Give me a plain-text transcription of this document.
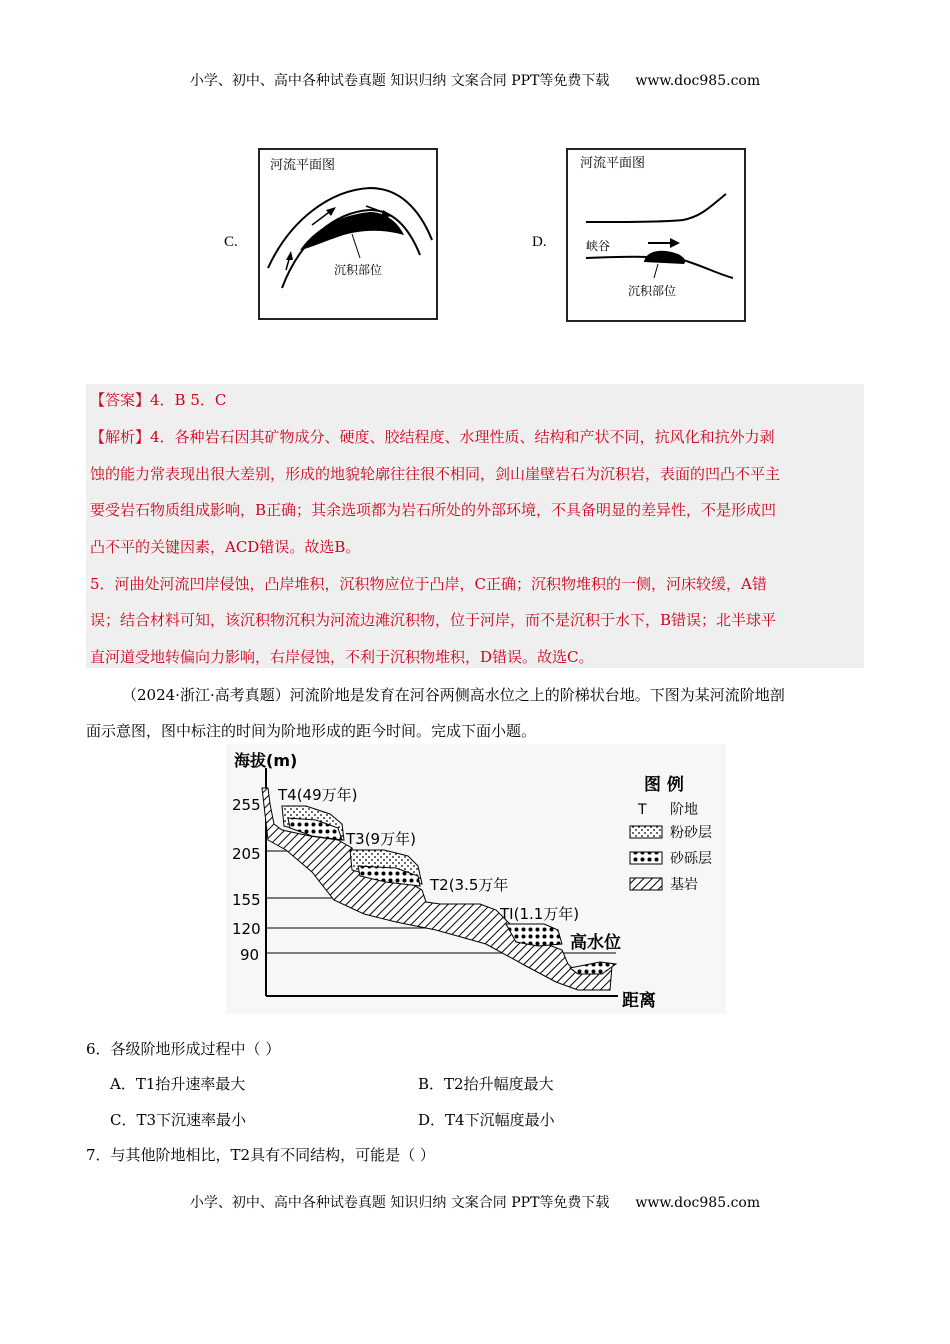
小学、初中、高中各种试卷真题 知识归纳 文案合同 PPT等免费下载 www.doc985.com
C.
河流平面图
沉积部位
D.
河流平面图
峡谷
沉积部位
【答案】4．B 5．C
【解析】4．各种岩石因其矿物成分、硬度、胶结程度、水理性质、结构和产状不同，抗风化和抗外力剥
蚀的能力常表现出很大差别，形成的地貌轮廓往往很不相同，剑山崖壁岩石为沉积岩，表面的凹凸不平主
要受岩石物质组成影响，B正确；其余选项都为岩石所处的外部环境，不具备明显的差异性，不是形成凹
凸不平的关键因素，ACD错误。故选B。
5．河曲处河流凹岸侵蚀，凸岸堆积，沉积物应位于凸岸，C正确；沉积物堆积的一侧，河床较缓，A错
误；结合材料可知，该沉积物沉积为河流边滩沉积物，位于河岸，而不是沉积于水下，B错误；北半球平
直河道受地转偏向力影响，右岸侵蚀，不利于沉积物堆积，D错误。故选C。
（2024·浙江·高考真题）河流阶地是发育在河谷两侧高水位之上的阶梯状台地。下图为某河流阶地剖
面示意图，图中标注的时间为阶地形成的距今时间。完成下面小题。
海拔(m)
距离
255
205
155
120
90
T4(49万年)
T3(9万年)
T2(3.5万年
TI(1.1万年)
高水位
图 例
T 阶地
粉砂层
砂砾层
基岩
6．各级阶地形成过程中（ ）
A．T1抬升速率最大	B．T2抬升幅度最大
C．T3下沉速率最小	D．T4下沉幅度最小
7．与其他阶地相比，T2具有不同结构，可能是（ ）
小学、初中、高中各种试卷真题 知识归纳 文案合同 PPT等免费下载 www.doc985.com
